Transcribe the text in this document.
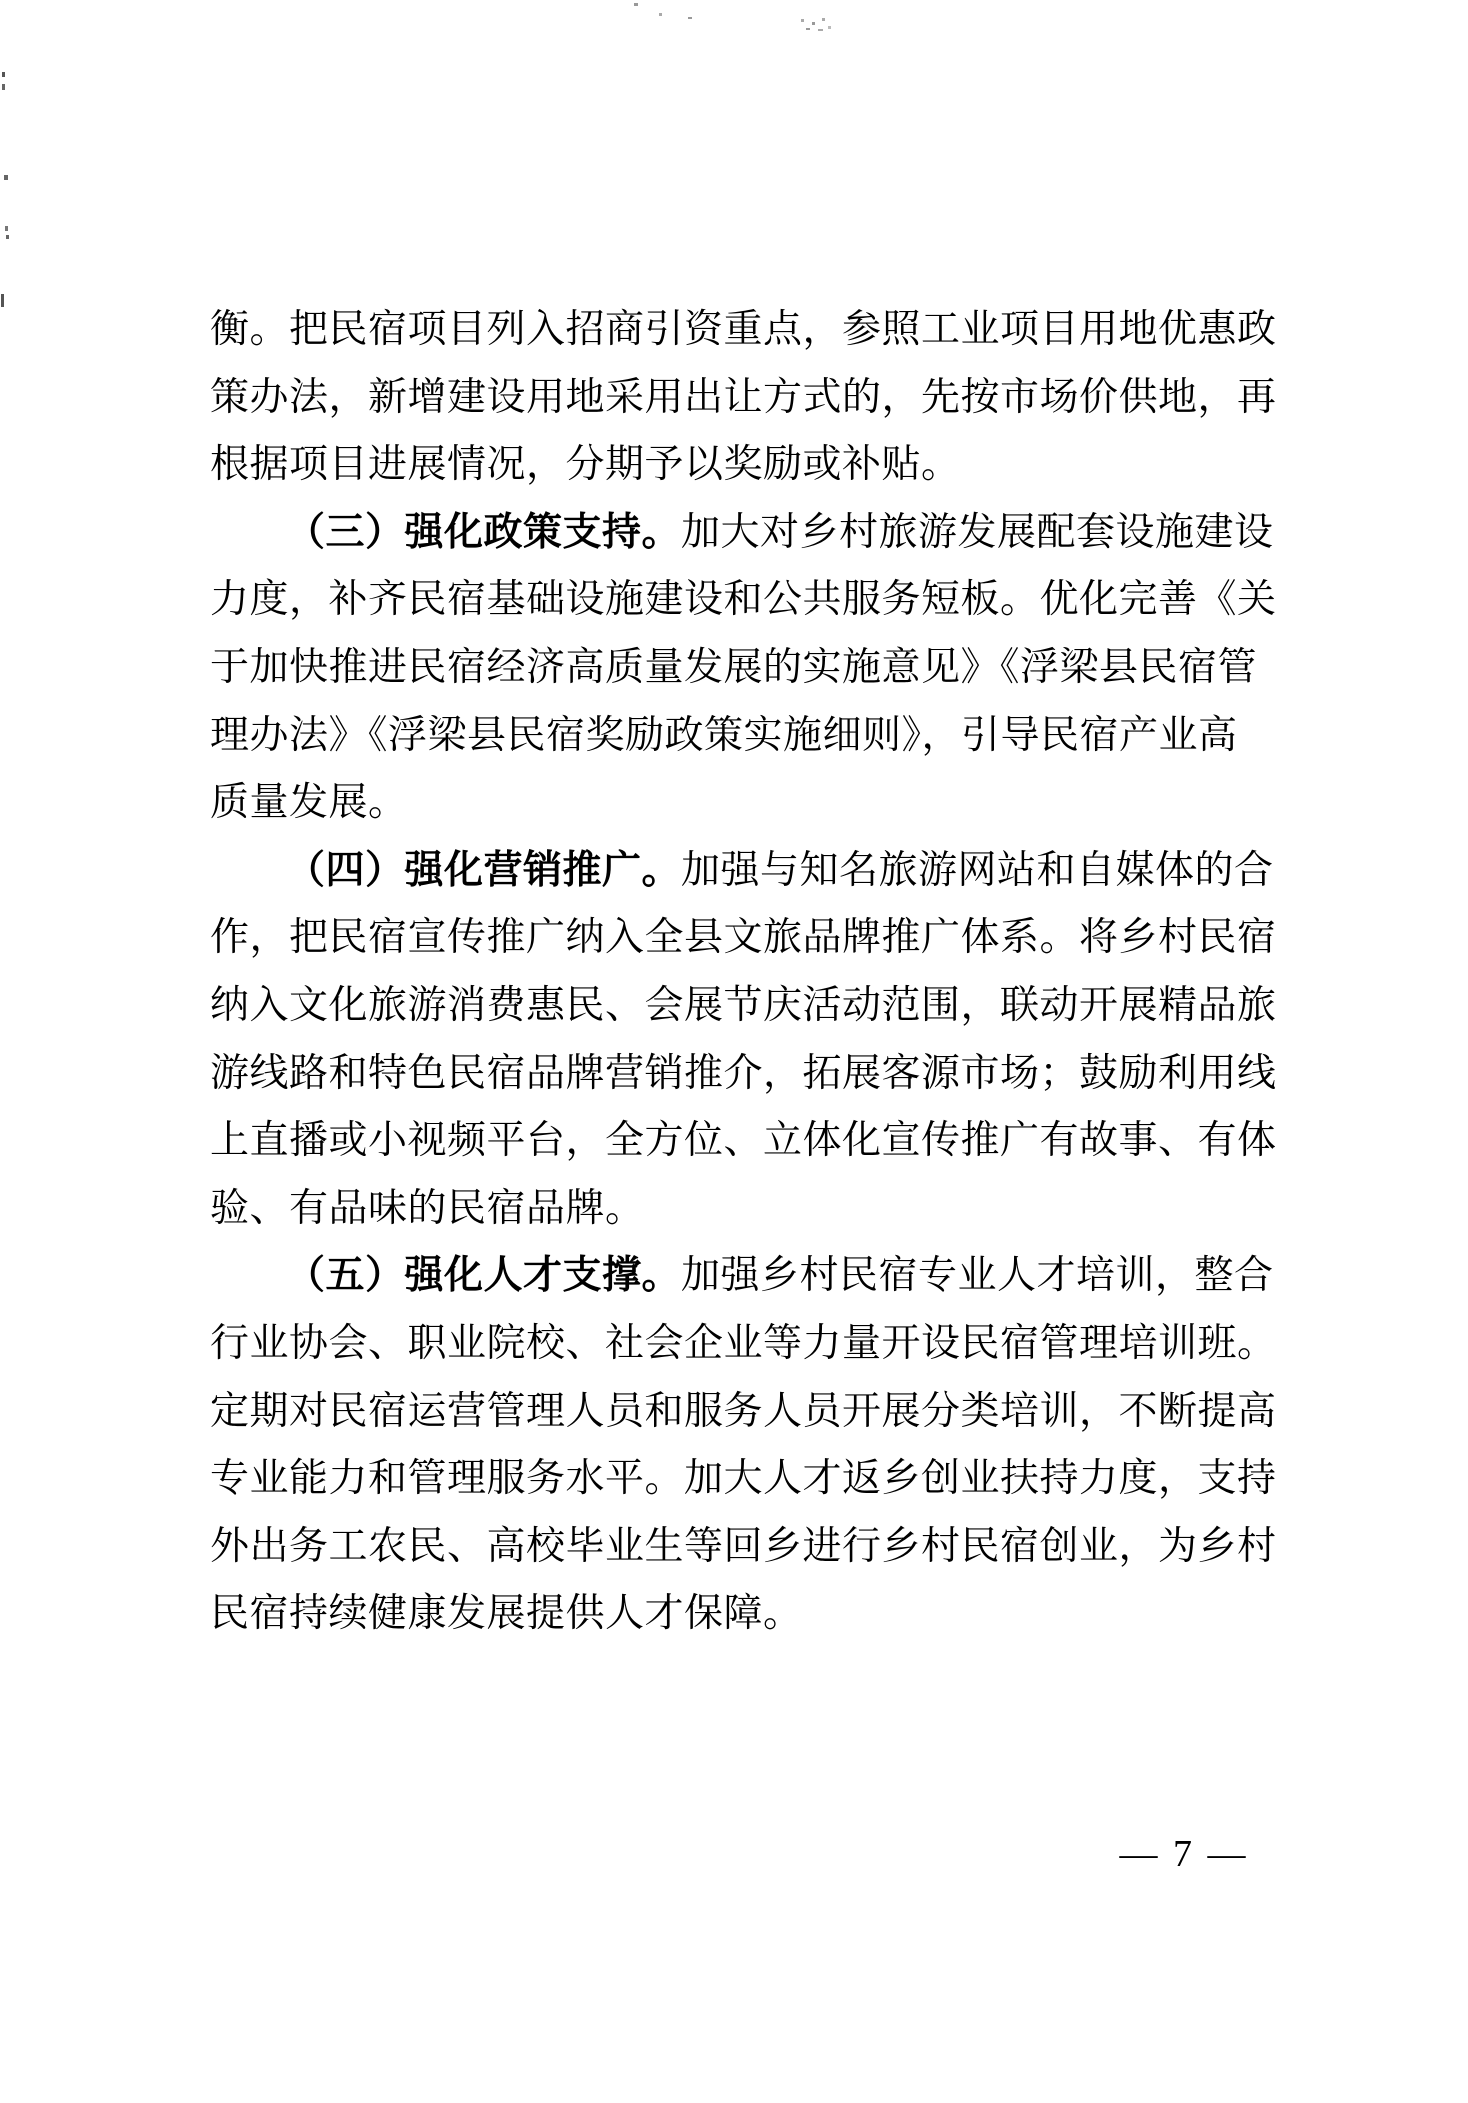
衡。把民宿项目列入招商引资重点，参照工业项目用地优惠政
策办法，新增建设用地采用出让方式的，先按市场价供地，再
根据项目进展情况，分期予以奖励或补贴。
（三）强化政策支持。加大对乡村旅游发展配套设施建设
力度，补齐民宿基础设施建设和公共服务短板。优化完善《关
于加快推进民宿经济高质量发展的实施意见》《浮梁县民宿管
理办法》《浮梁县民宿奖励政策实施细则》，引导民宿产业高
质量发展。
（四）强化营销推广。加强与知名旅游网站和自媒体的合
作，把民宿宣传推广纳入全县文旅品牌推广体系。将乡村民宿
纳入文化旅游消费惠民、会展节庆活动范围，联动开展精品旅
游线路和特色民宿品牌营销推介，拓展客源市场；鼓励利用线
上直播或小视频平台，全方位、立体化宣传推广有故事、有体
验、有品味的民宿品牌。
（五）强化人才支撑。加强乡村民宿专业人才培训，整合
行业协会、职业院校、社会企业等力量开设民宿管理培训班。
定期对民宿运营管理人员和服务人员开展分类培训，不断提高
专业能力和管理服务水平。加大人才返乡创业扶持力度，支持
外出务工农民、高校毕业生等回乡进行乡村民宿创业，为乡村
民宿持续健康发展提供人才保障。
— 7 —
